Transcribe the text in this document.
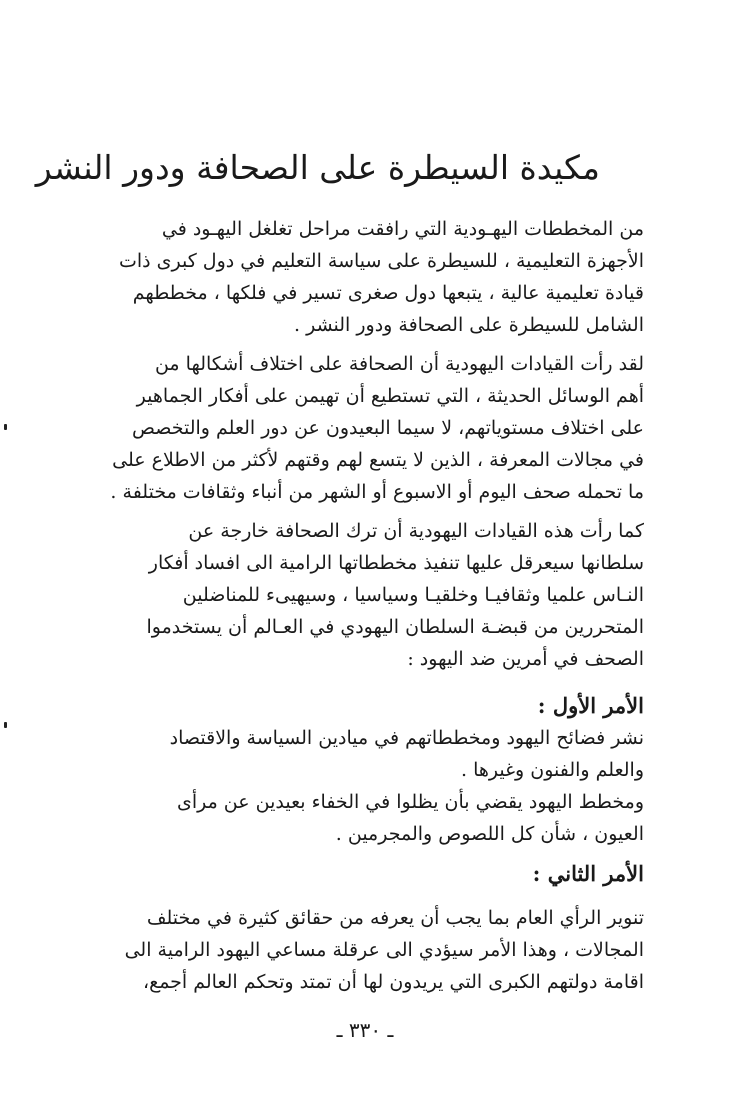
مكيدة السيطرة على الصحافة ودور النشر
من المخططات اليهـودية التي رافقت مراحل تغلغل اليهـود في
الأجهزة التعليمية ، للسيطرة على سياسة التعليم في دول كبرى ذات
قيادة تعليمية عالية ، يتبعها دول صغرى تسير في فلكها ، مخططهم
الشامل للسيطرة على الصحافة ودور النشر .
لقد رأت القيادات اليهودية أن الصحافة على اختلاف أشكالها من
أهم الوسائل الحديثة ، التي تستطيع أن تهيمن على أفكار الجماهير
على اختلاف مستوياتهم، لا سيما البعيدون عن دور العلم والتخصص
في مجالات المعرفة ، الذين لا يتسع لهم وقتهم لأكثر من الاطلاع على
ما تحمله صحف اليوم أو الاسبوع أو الشهر من أنباء وثقافات مختلفة .
كما رأت هذه القيادات اليهودية أن ترك الصحافة خارجة عن
سلطانها سيعرقل عليها تنفيذ مخططاتها الرامية الى افساد أفكار
النـاس علميا وثقافيـا وخلقيـا وسياسيا ، وسيهيىء للمناضلين
المتحررين من قبضـة السلطان اليهودي في العـالم أن يستخدموا
الصحف في أمرين ضد اليهود :
الأمر الأول :
نشر فضائح اليهود ومخططاتهم في ميادين السياسة والاقتصاد
والعلم والفنون وغيرها .
ومخطط اليهود يقضي بأن يظلوا في الخفاء بعيدين عن مرأى
العيون ، شأن كل اللصوص والمجرمين .
الأمر الثاني :
تنوير الرأي العام بما يجب أن يعرفه من حقائق كثيرة في مختلف
المجالات ، وهذا الأمر سيؤدي الى عرقلة مساعي اليهود الرامية الى
اقامة دولتهم الكبرى التي يريدون لها أن تمتد وتحكم العالم أجمع،
ـ ٣٣٠ ـ
